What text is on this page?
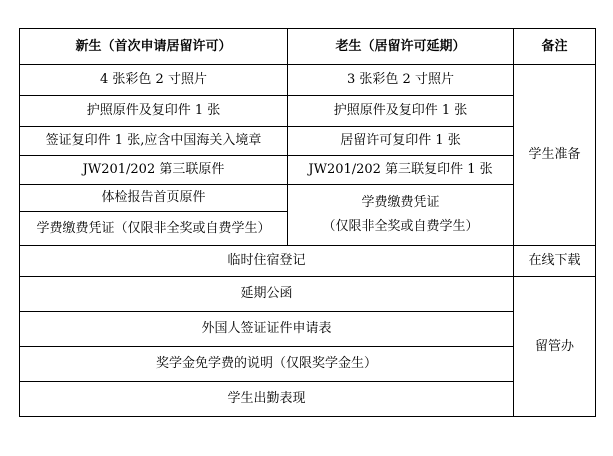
新生（首次申请居留许可）	老生（居留许可延期）	备注
4 张彩色 2 寸照片	3 张彩色 2 寸照片	学生准备
护照原件及复印件 1 张	护照原件及复印件 1 张	
签证复印件 1 张,应含中国海关入境章	居留许可复印件 1 张	
JW201/202 第三联原件	JW201/202 第三联复印件 1 张	
体检报告首页原件	学费缴费凭证
（仅限非全奖或自费学生）	

学费缴费凭证（仅限非全奖或自费学生）		
临时住宿登记		在线下载
延期公函		留管办
外国人签证证件申请表		
奖学金免学费的说明（仅限奖学金生）		
学生出勤表现		
